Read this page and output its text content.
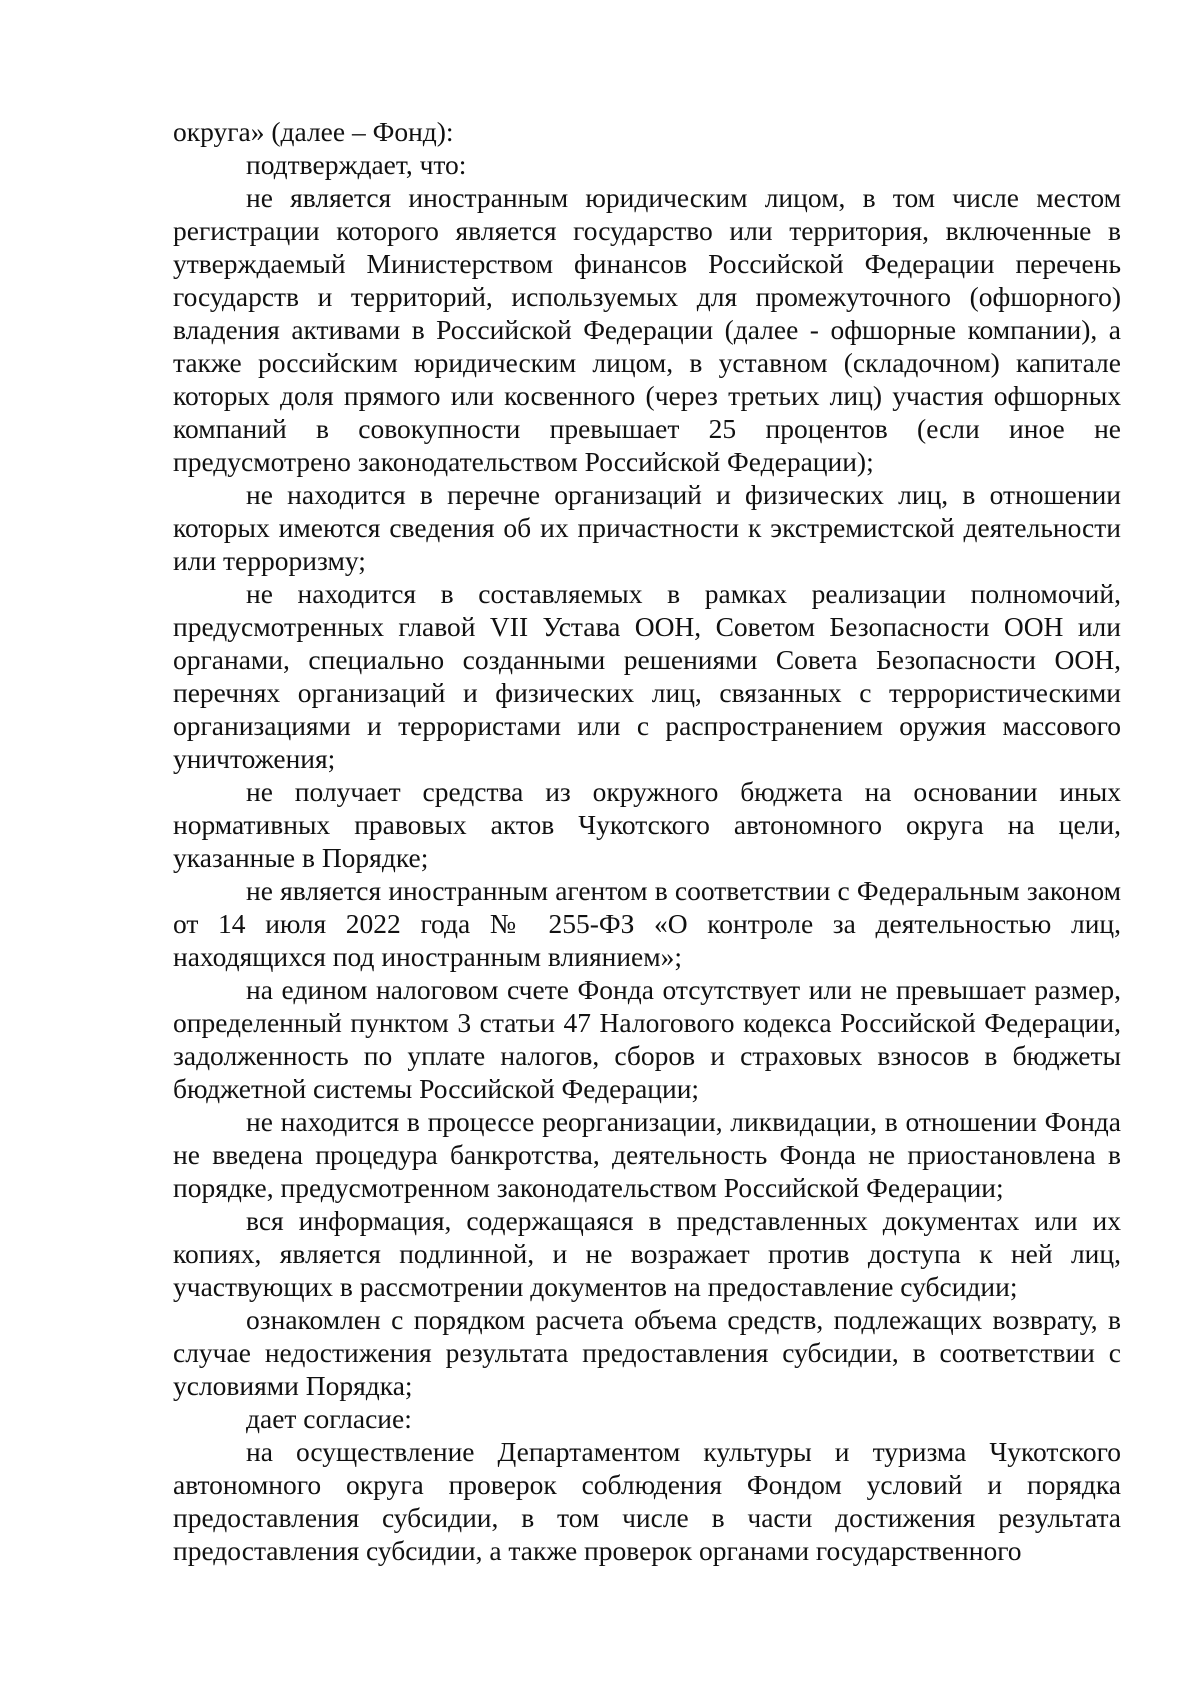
округа» (далее – Фонд):

подтверждает, что:

не является иностранным юридическим лицом, в том числе местом регистрации которого является государство или территория, включенные в утверждаемый Министерством финансов Российской Федерации перечень государств и территорий, используемых для промежуточного (офшорного) владения активами в Российской Федерации (далее - офшорные компании), а также российским юридическим лицом, в уставном (складочном) капитале которых доля прямого или косвенного (через третьих лиц) участия офшорных компаний в совокупности превышает 25 процентов (если иное не предусмотрено законодательством Российской Федерации);

не находится в перечне организаций и физических лиц, в отношении которых имеются сведения об их причастности к экстремистской деятельности или терроризму;

не находится в составляемых в рамках реализации полномочий, предусмотренных главой VII Устава ООН, Советом Безопасности ООН или органами, специально созданными решениями Совета Безопасности ООН, перечнях организаций и физических лиц, связанных с террористическими организациями и террористами или с распространением оружия массового уничтожения;

не получает средства из окружного бюджета на основании иных нормативных правовых актов Чукотского автономного округа на цели, указанные в Порядке;

не является иностранным агентом в соответствии с Федеральным законом от 14 июля 2022 года № 255-ФЗ «О контроле за деятельностью лиц, находящихся под иностранным влиянием»;

на едином налоговом счете Фонда отсутствует или не превышает размер, определенный пунктом 3 статьи 47 Налогового кодекса Российской Федерации, задолженность по уплате налогов, сборов и страховых взносов в бюджеты бюджетной системы Российской Федерации;

не находится в процессе реорганизации, ликвидации, в отношении Фонда не введена процедура банкротства, деятельность Фонда не приостановлена в порядке, предусмотренном законодательством Российской Федерации;

вся информация, содержащаяся в представленных документах или их копиях, является подлинной, и не возражает против доступа к ней лиц, участвующих в рассмотрении документов на предоставление субсидии;

ознакомлен с порядком расчета объема средств, подлежащих возврату, в случае недостижения результата предоставления субсидии, в соответствии с условиями Порядка;

дает согласие:

на осуществление Департаментом культуры и туризма Чукотского автономного округа проверок соблюдения Фондом условий и порядка предоставления субсидии, в том числе в части достижения результата предоставления субсидии, а также проверок органами государственного
